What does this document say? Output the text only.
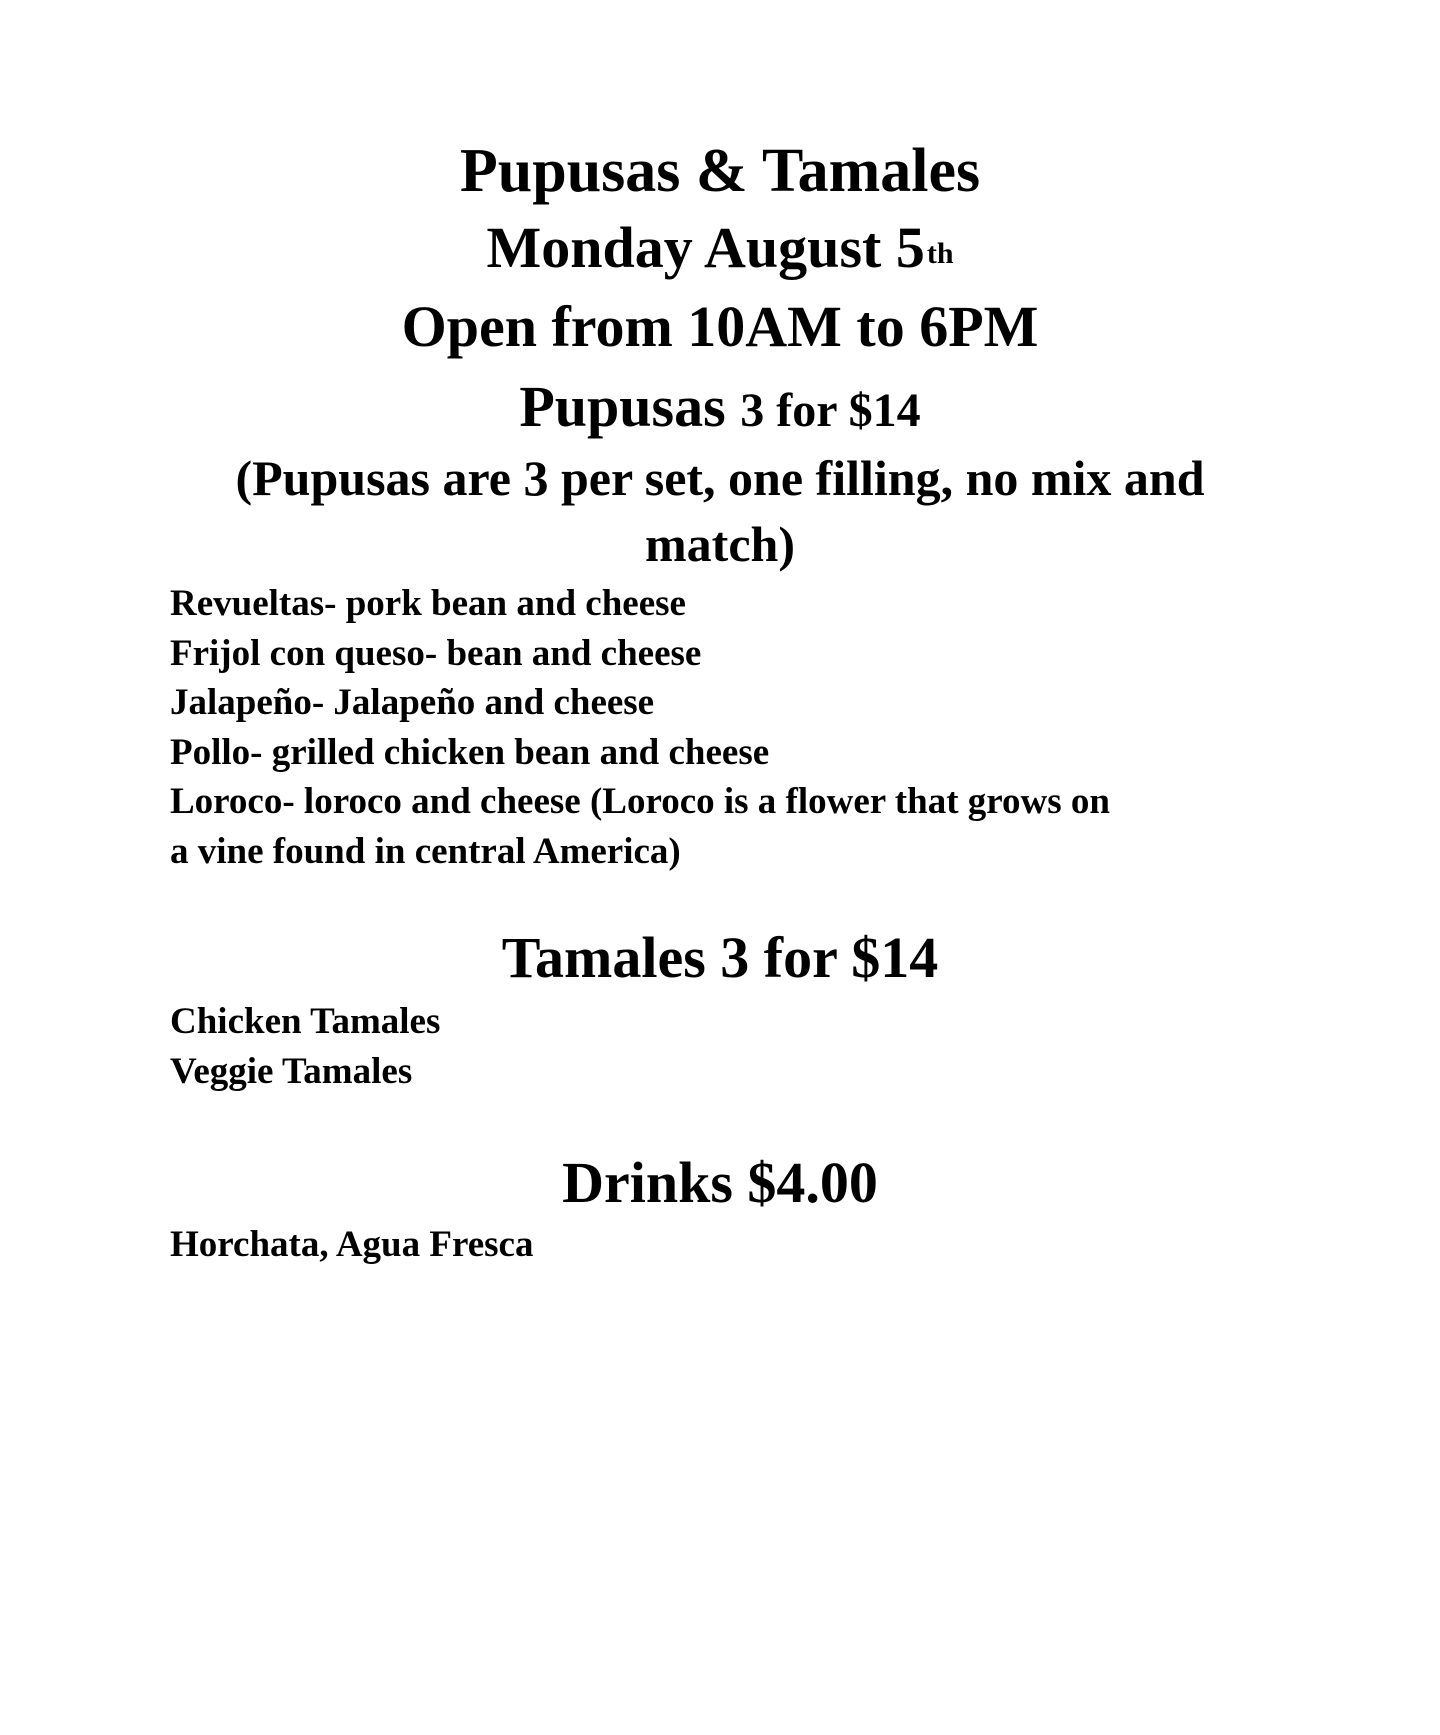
Pupusas & Tamales
Monday August 5th
Open from 10AM to 6PM
Pupusas 3 for $14
(Pupusas are 3 per set, one filling, no mix and
match)
Revueltas- pork bean and cheese
Frijol con queso- bean and cheese
Jalapeño- Jalapeño and cheese
Pollo- grilled chicken bean and cheese
Loroco- loroco and cheese (Loroco is a flower that grows on
a vine found in central America)
Tamales 3 for $14
Chicken Tamales
Veggie Tamales
Drinks $4.00
Horchata, Agua Fresca
